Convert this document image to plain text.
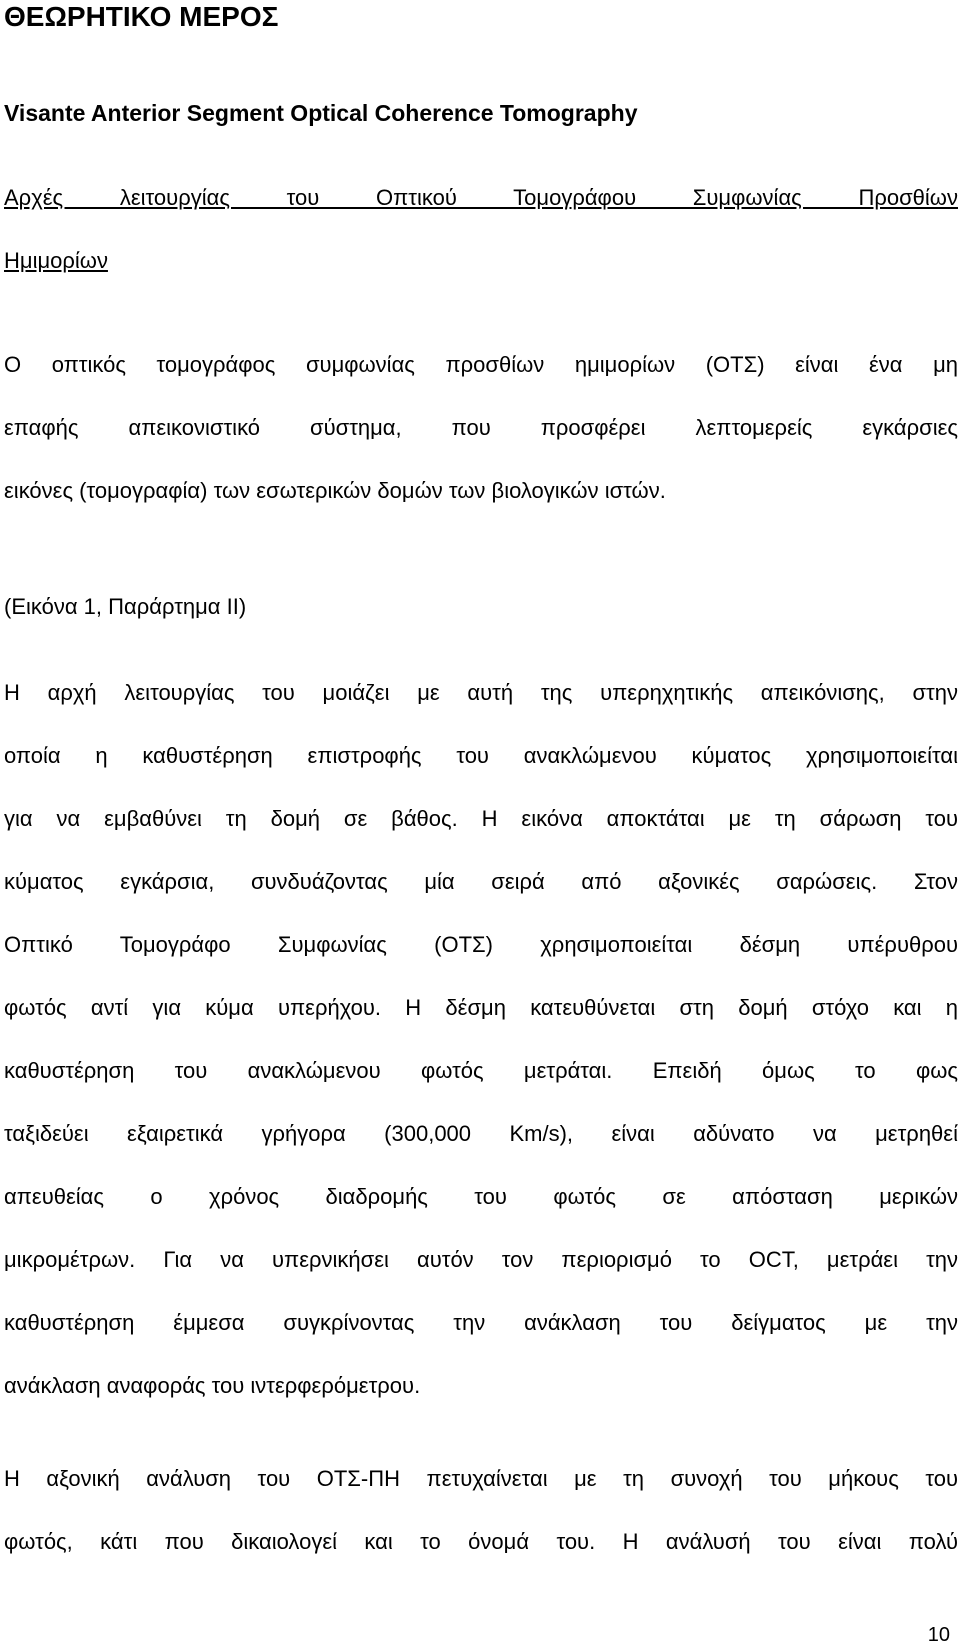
ΘΕΩΡΗΤΙΚΟ ΜΕΡΟΣ
Visante Anterior Segment Optical Coherence Tomography
Αρχές λειτουργίας του Οπτικού Τομογράφου Συμφωνίας Προσθίων
Ημιμορίων
Ο οπτικός τομογράφος συμφωνίας προσθίων ημιμορίων (ΟΤΣ) είναι ένα μη
επαφής απεικονιστικό σύστημα, που προσφέρει λεπτομερείς εγκάρσιες
εικόνες (τομογραφία) των εσωτερικών δομών των βιολογικών ιστών.
(Εικόνα 1, Παράρτημα ΙΙ)
Η αρχή λειτουργίας του μοιάζει με αυτή της υπερηχητικής απεικόνισης, στην
οποία η καθυστέρηση επιστροφής του ανακλώμενου κύματος χρησιμοποιείται
για να εμβαθύνει τη δομή σε βάθος. Η εικόνα αποκτάται με τη σάρωση του
κύματος εγκάρσια, συνδυάζοντας μία σειρά από αξονικές σαρώσεις. Στον
Οπτικό Τομογράφο Συμφωνίας (ΟΤΣ) χρησιμοποιείται δέσμη υπέρυθρου
φωτός αντί για κύμα υπερήχου. Η δέσμη κατευθύνεται στη δομή στόχο και η
καθυστέρηση του ανακλώμενου φωτός μετράται. Επειδή όμως το φως
ταξιδεύει εξαιρετικά γρήγορα (300,000 Km/s), είναι αδύνατο να μετρηθεί
απευθείας ο χρόνος διαδρομής του φωτός σε απόσταση μερικών
μικρομέτρων. Για να υπερνικήσει αυτόν τον περιορισμό το OCT, μετράει την
καθυστέρηση έμμεσα συγκρίνοντας την ανάκλαση του δείγματος με την
ανάκλαση αναφοράς του ιντερφερόμετρου.
Η αξονική ανάλυση του ΟΤΣ-ΠΗ πετυχαίνεται με τη συνοχή του μήκους του
φωτός, κάτι που δικαιολογεί και το όνομά του. Η ανάλυσή του είναι πολύ
10
